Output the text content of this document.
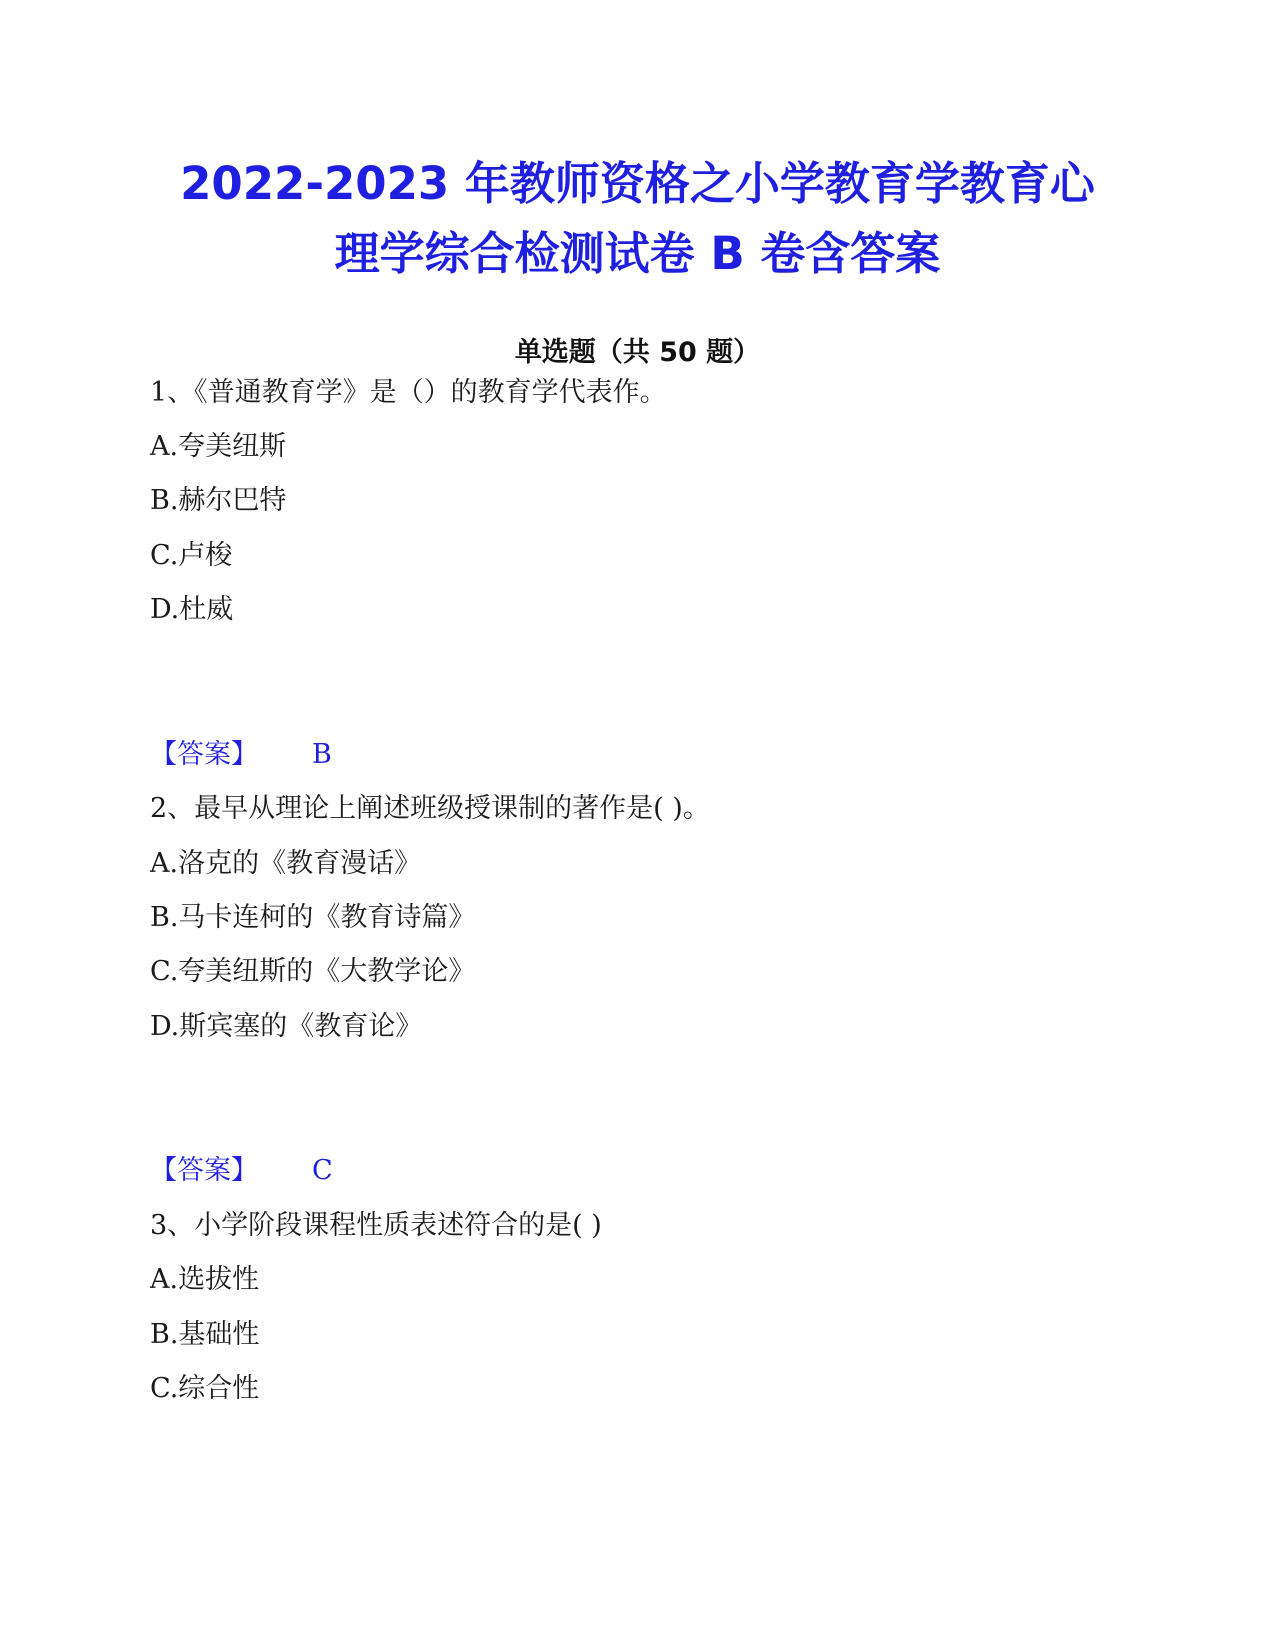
2022-2023 年教师资格之小学教育学教育心
理学综合检测试卷 B 卷含答案
单选题（共 50 题）
1、《普通教育学》是（）的教育学代表作。
A.夸美纽斯
B.赫尔巴特
C.卢梭
D.杜威
【答案】 B
2、最早从理论上阐述班级授课制的著作是( )。
A.洛克的《教育漫话》
B.马卡连柯的《教育诗篇》
C.夸美纽斯的《大教学论》
D.斯宾塞的《教育论》
【答案】 C
3、小学阶段课程性质表述符合的是( )
A.选拔性
B.基础性
C.综合性
